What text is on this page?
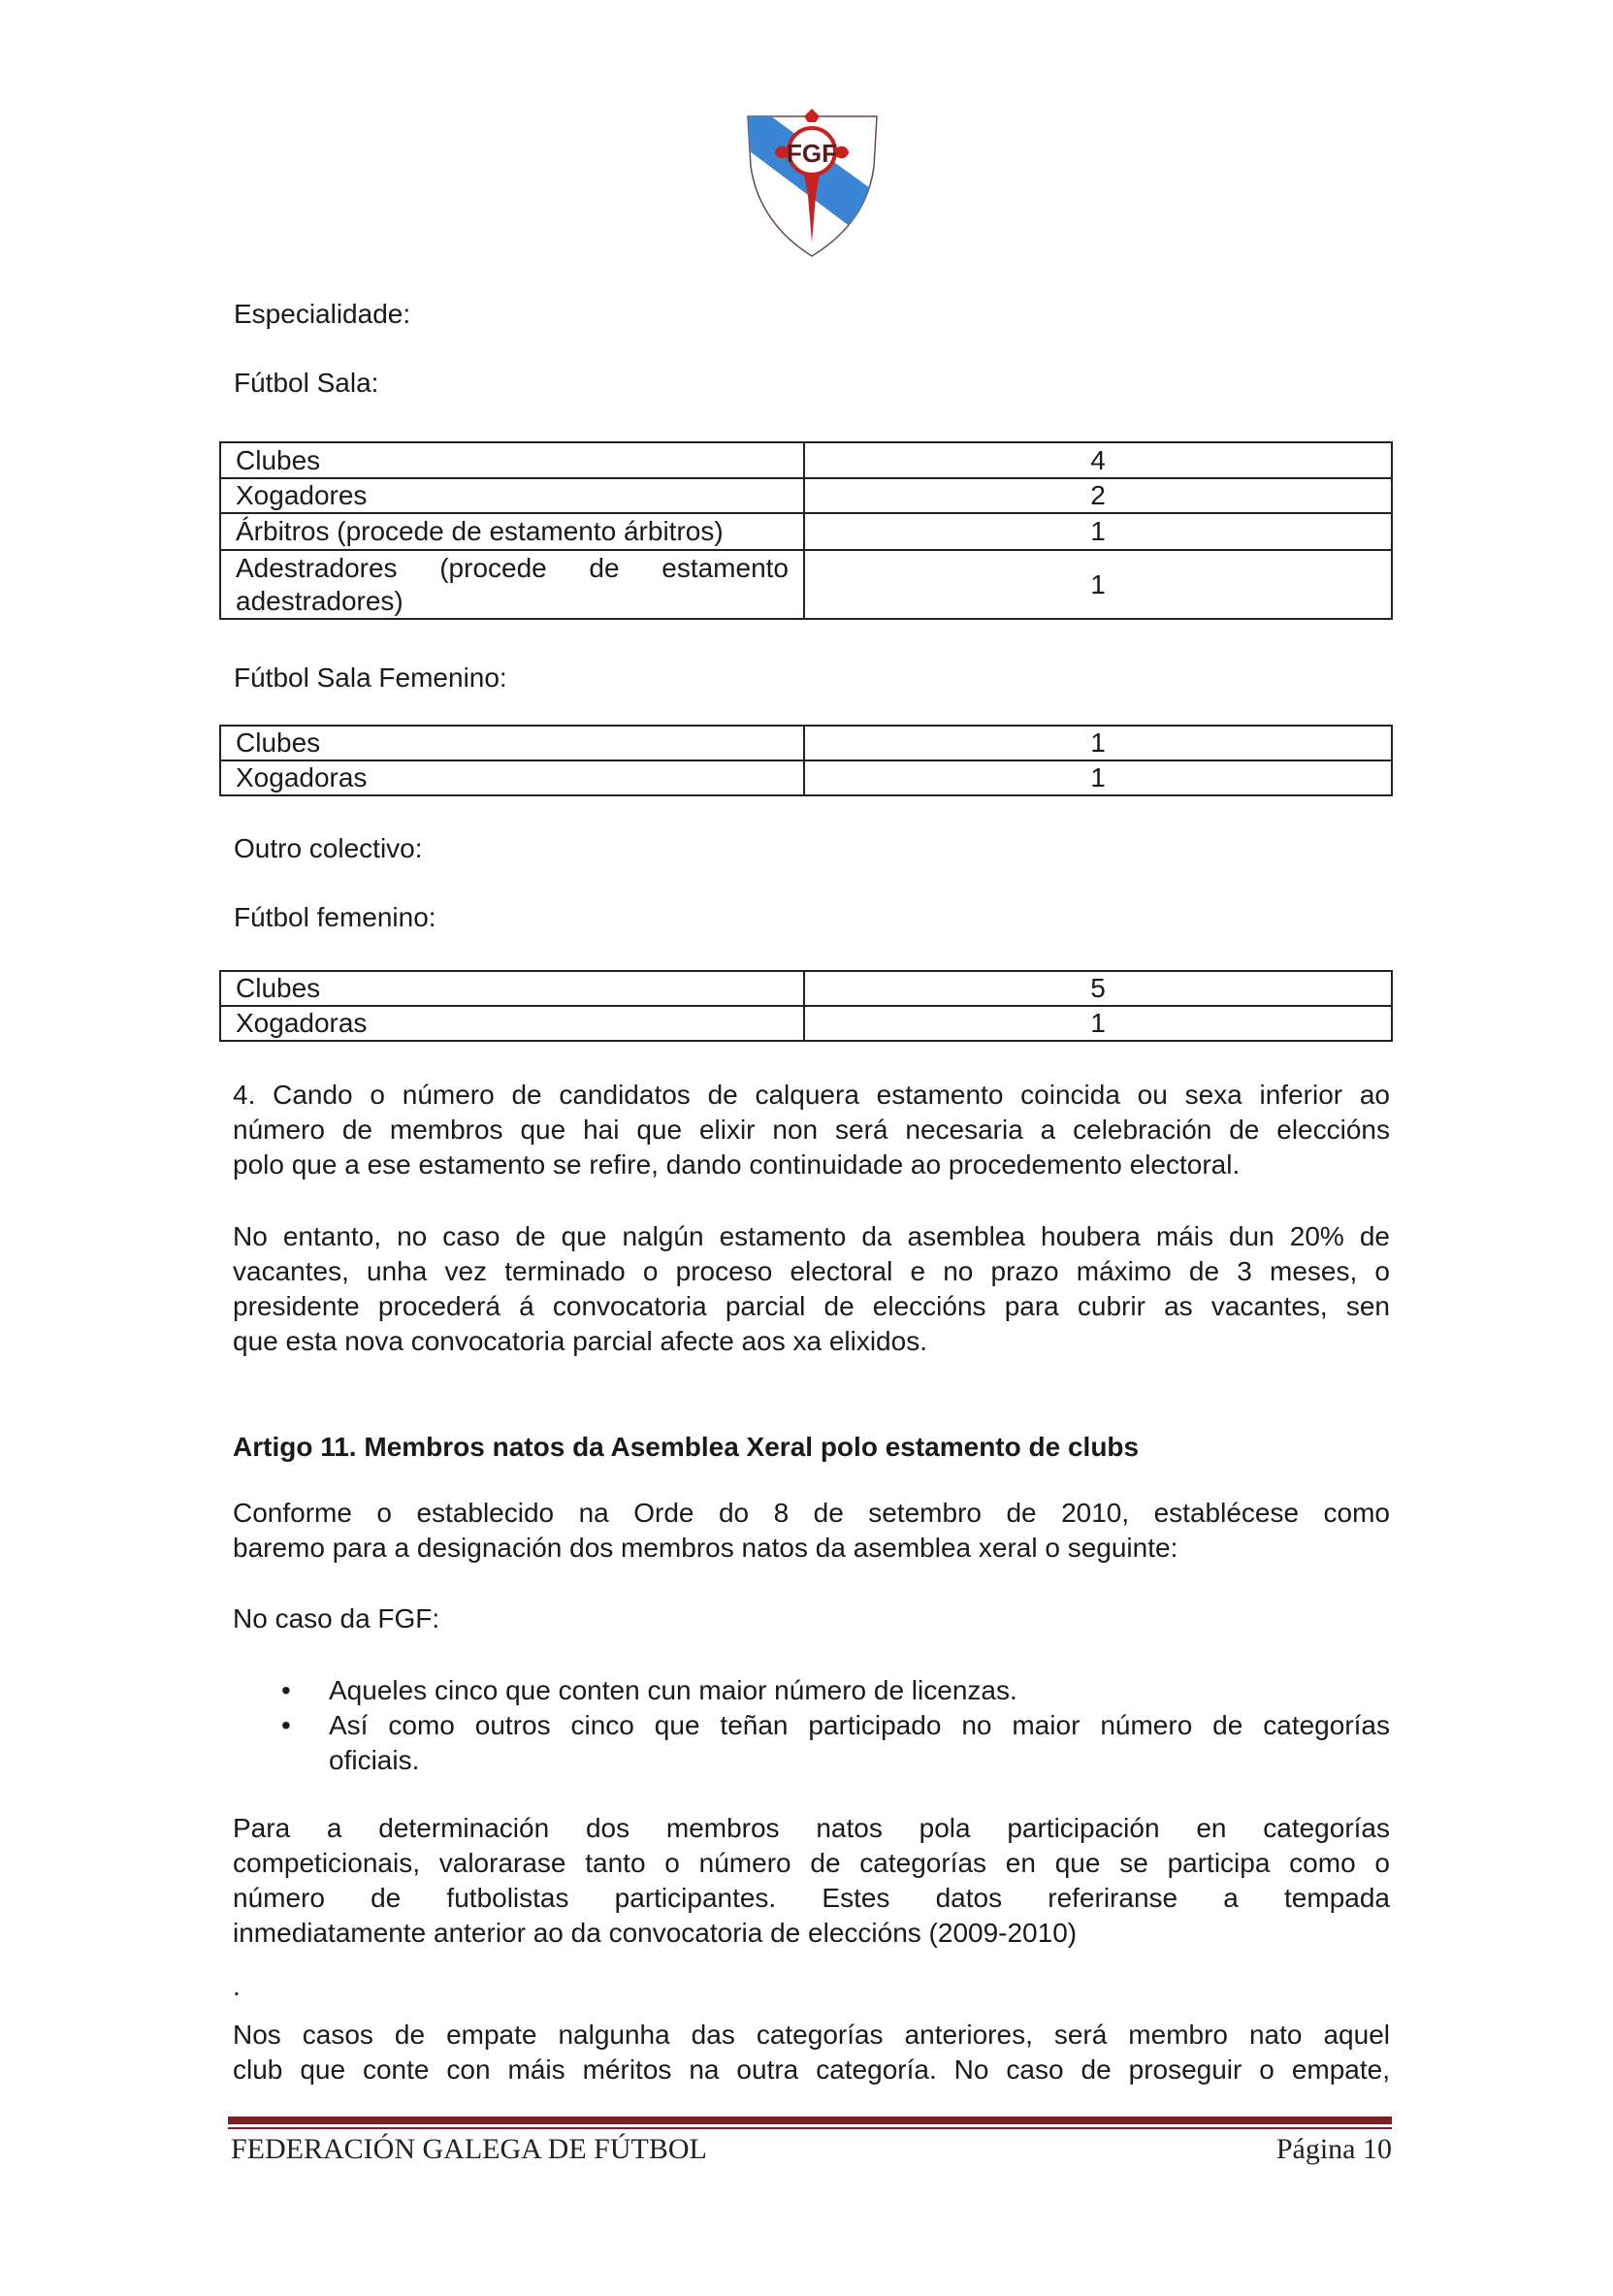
FGF
Especialidade:
Fútbol Sala:
Clubes	4
Xogadores	2
Árbitros (procede de estamento árbitros)	1

Adestradores (procede de estamento
adestradores)	1
Fútbol Sala Femenino:
Clubes	1
Xogadoras	1
Outro colectivo:
Fútbol femenino:
Clubes	5
Xogadoras	1
4. Cando o número de candidatos de calquera estamento coincida ou sexa inferior ao
número de membros que hai que elixir non será necesaria a celebración de eleccións
polo que a ese estamento se refire, dando continuidade ao procedemento electoral.
No entanto, no caso de que nalgún estamento da asemblea houbera máis dun 20% de
vacantes, unha vez terminado o proceso electoral e no prazo máximo de 3 meses, o
presidente procederá á convocatoria parcial de eleccións para cubrir as vacantes, sen
que esta nova convocatoria parcial afecte aos xa elixidos.
Artigo 11. Membros natos da Asemblea Xeral polo estamento de clubs
Conforme o establecido na Orde do 8 de setembro de 2010, establécese como
baremo para a designación dos membros natos da asemblea xeral o seguinte:
No caso da FGF:
• Aqueles cinco que conten cun maior número de licenzas.
• Así como outros cinco que teñan participado no maior número de categorías
oficiais.
Para a determinación dos membros natos pola participación en categorías
competicionais, valorarase tanto o número de categorías en que se participa como o
número de futbolistas participantes. Estes datos referiranse a tempada
inmediatamente anterior ao da convocatoria de eleccións (2009-2010)
.
Nos casos de empate nalgunha das categorías anteriores, será membro nato aquel
club que conte con máis méritos na outra categoría. No caso de proseguir o empate,
FEDERACIÓN GALEGA DE FÚTBOL	Página 10
